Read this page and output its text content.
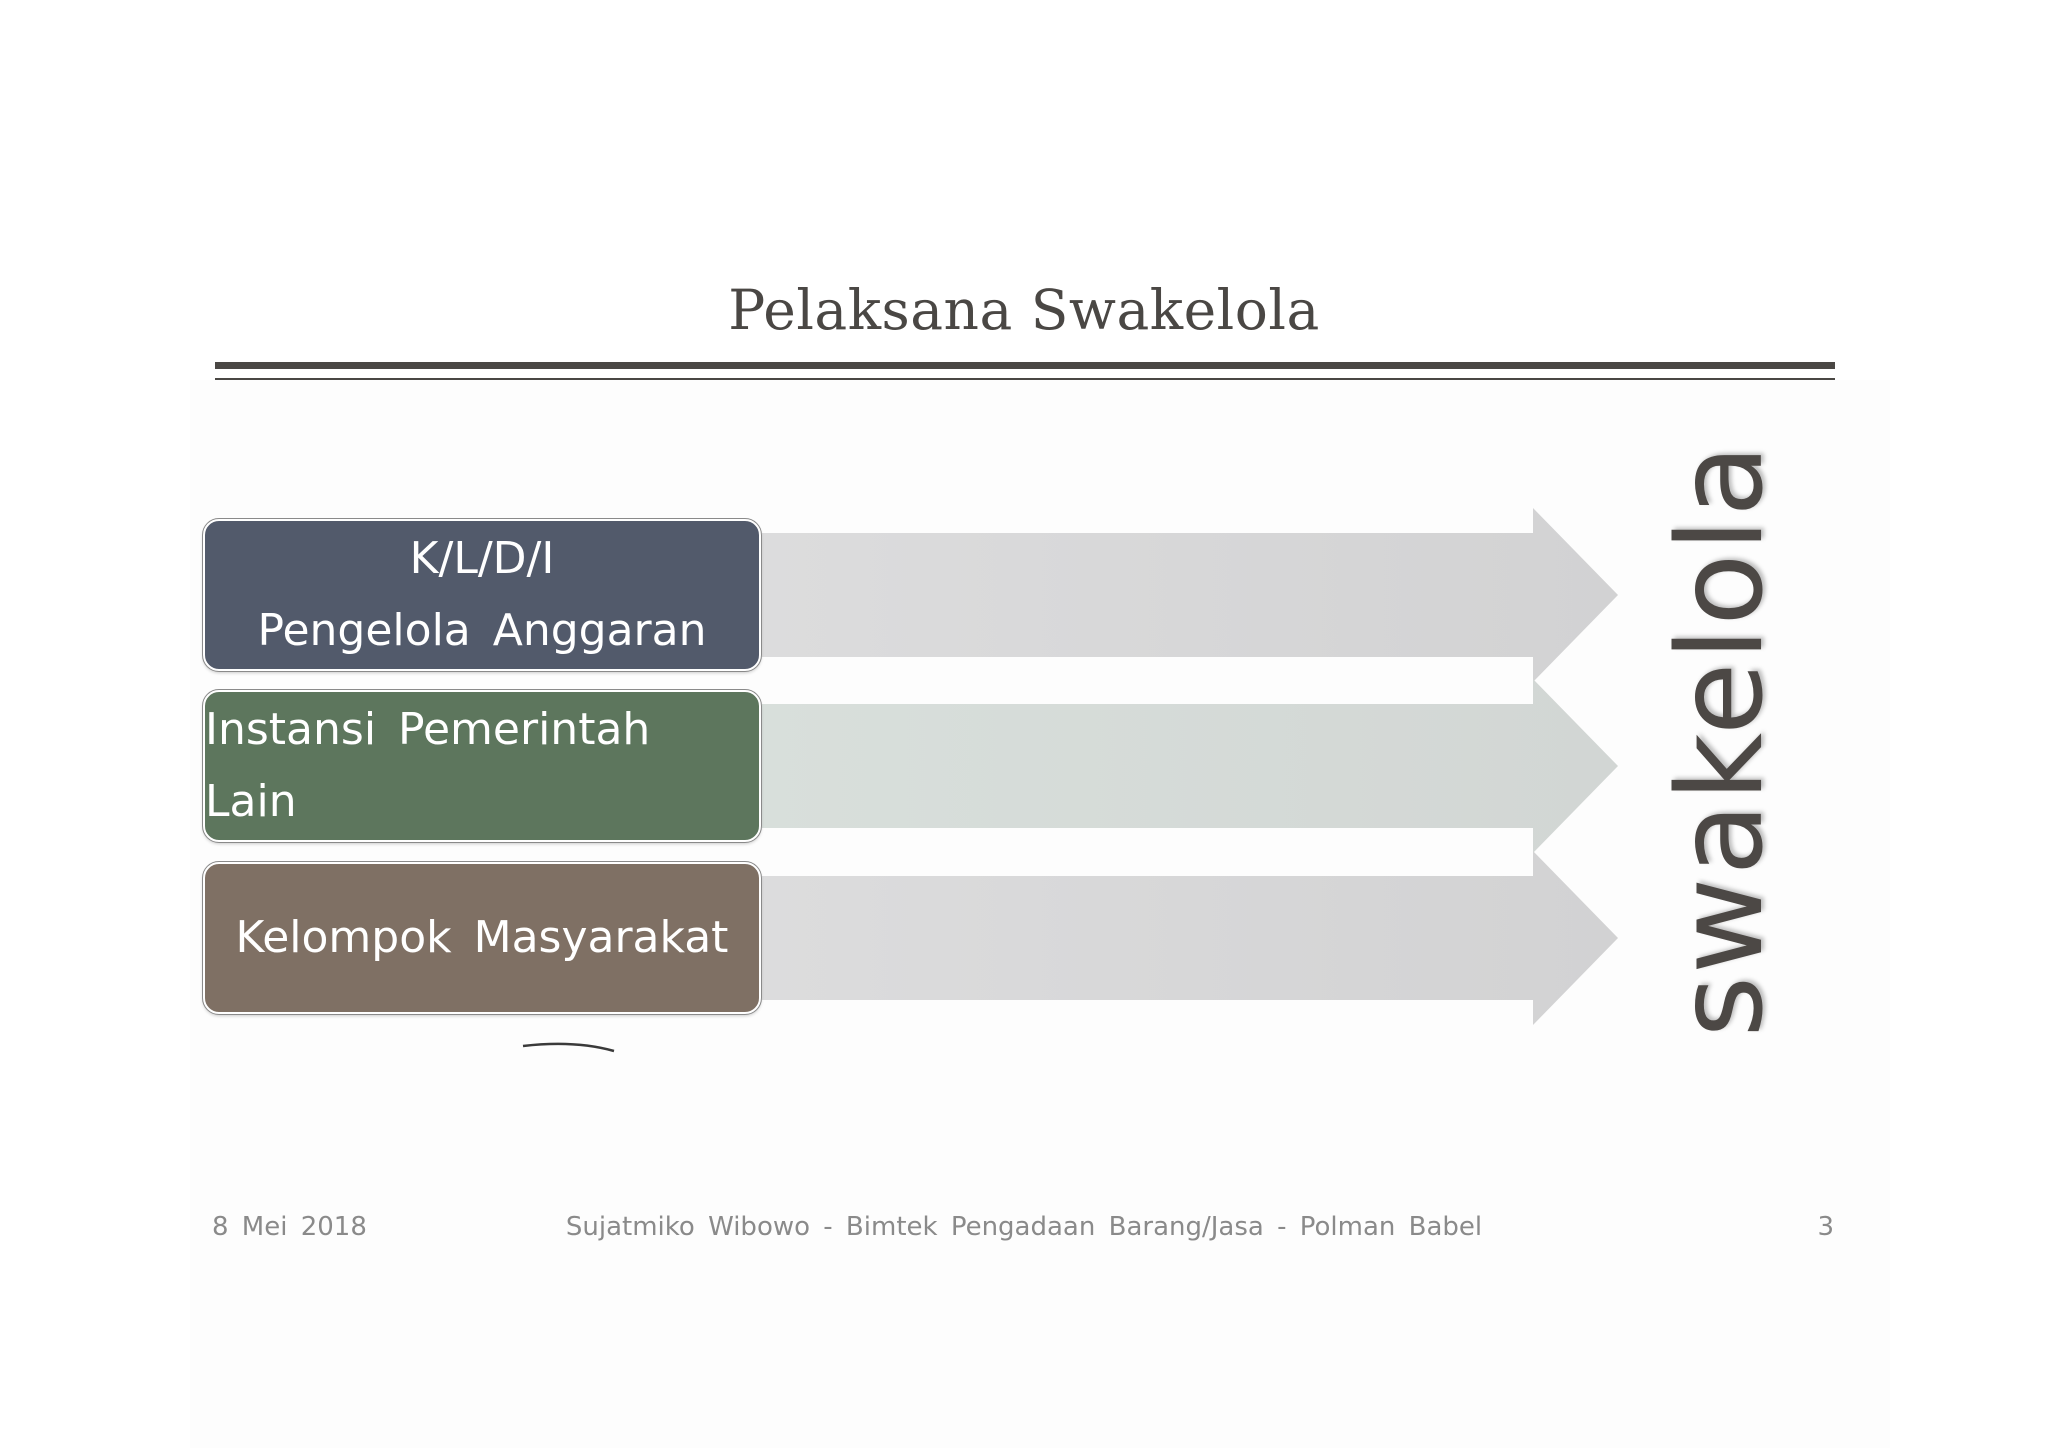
Pelaksana Swakelola
K/L/D/I
Pengelola Anggaran
Instansi Pemerintah Lain
Kelompok Masyarakat	swakelola
8 Mei 2018	Sujatmiko Wibowo - Bimtek Pengadaan Barang/Jasa - Polman Babel	3
